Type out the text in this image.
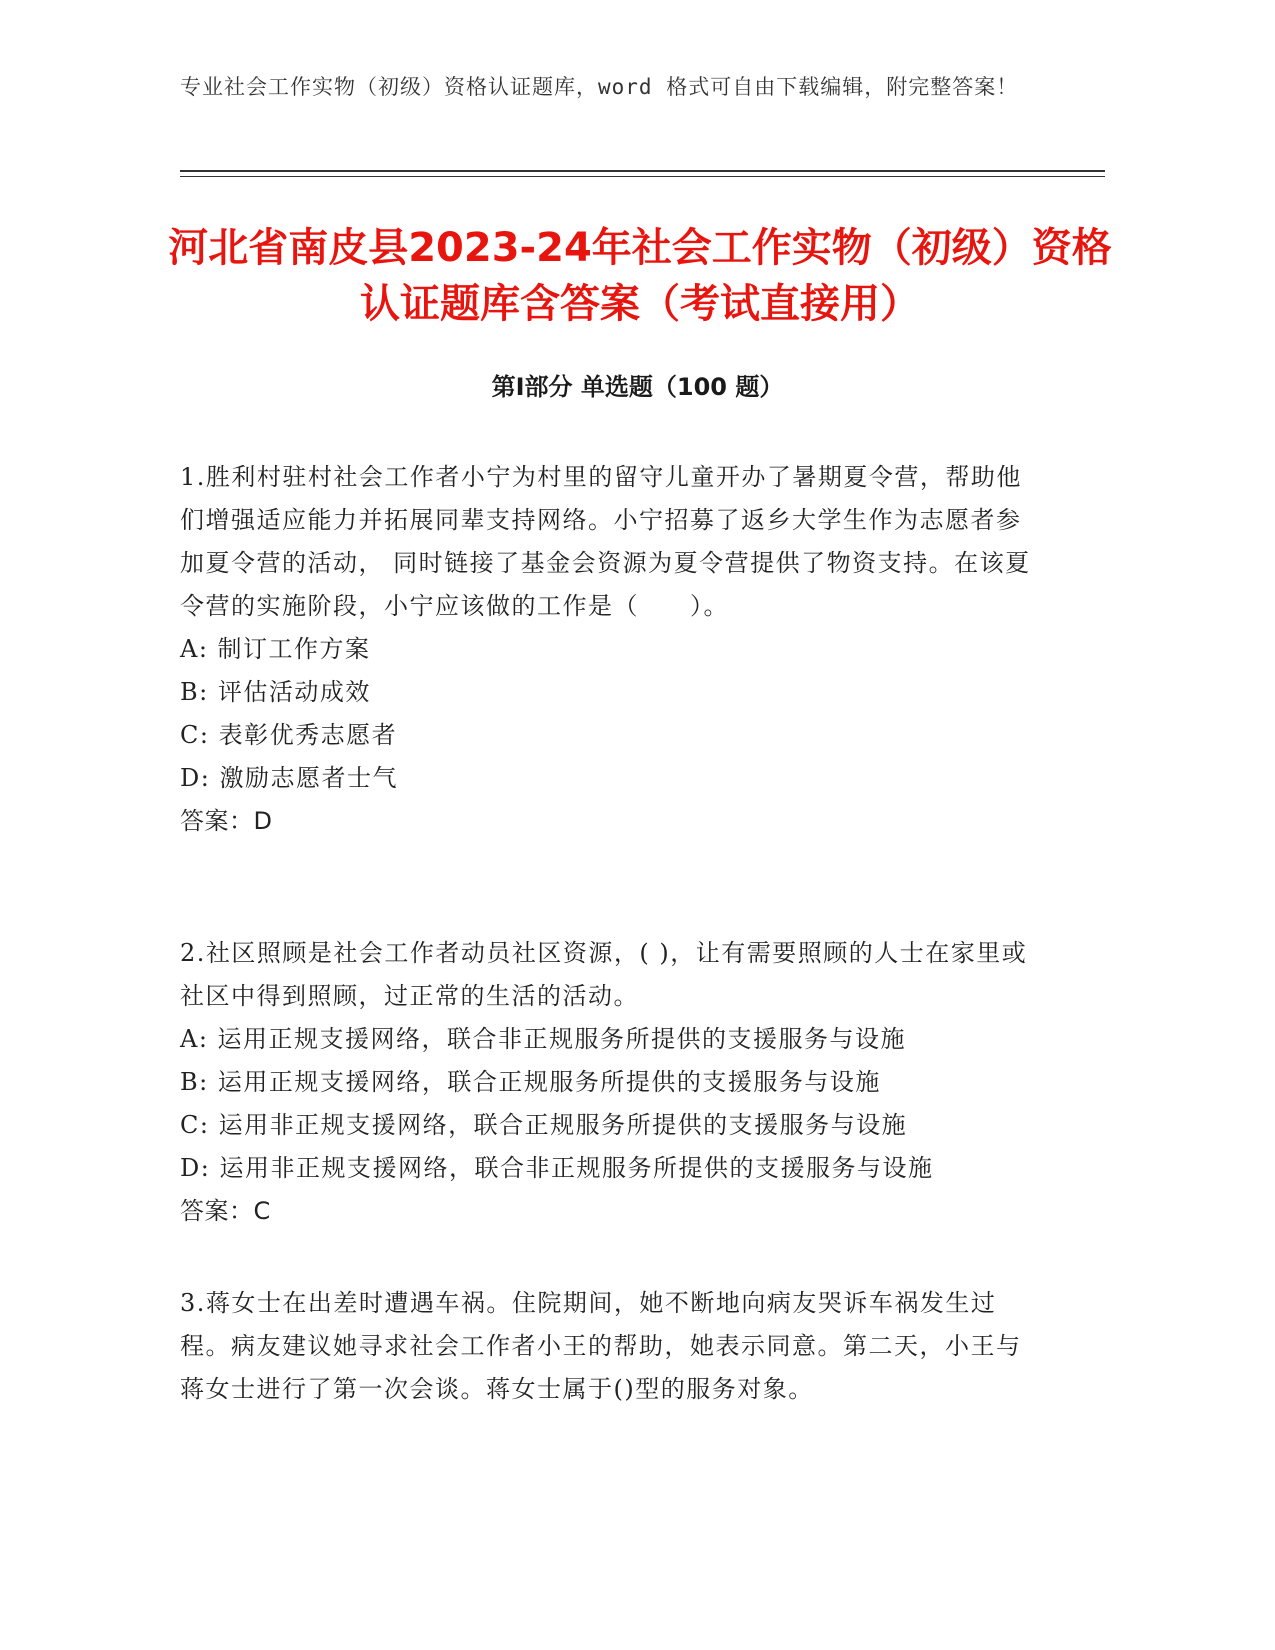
专业社会工作实物（初级）资格认证题库，word 格式可自由下载编辑，附完整答案！
河北省南皮县2023-24年社会工作实物（初级）资格认证题库含答案（考试直接用）
第Ⅰ部分 单选题（100 题）

1.胜利村驻村社会工作者小宁为村里的留守儿童开办了暑期夏令营，帮助他们增强适应能力并拓展同辈支持网络。小宁招募了返乡大学生作为志愿者参加夏令营的活动， 同时链接了基金会资源为夏令营提供了物资支持。在该夏令营的实施阶段，小宁应该做的工作是（　　）。

A: 制订工作方案

B: 评估活动成效

C: 表彰优秀志愿者

D: 激励志愿者士气

答案：D

2.社区照顾是社会工作者动员社区资源，( )，让有需要照顾的人士在家里或社区中得到照顾，过正常的生活的活动。

A: 运用正规支援网络，联合非正规服务所提供的支援服务与设施

B: 运用正规支援网络，联合正规服务所提供的支援服务与设施

C: 运用非正规支援网络，联合正规服务所提供的支援服务与设施

D: 运用非正规支援网络，联合非正规服务所提供的支援服务与设施

答案：C

3.蒋女士在出差时遭遇车祸。住院期间，她不断地向病友哭诉车祸发生过程。病友建议她寻求社会工作者小王的帮助，她表示同意。第二天，小王与蒋女士进行了第一次会谈。蒋女士属于()型的服务对象。
